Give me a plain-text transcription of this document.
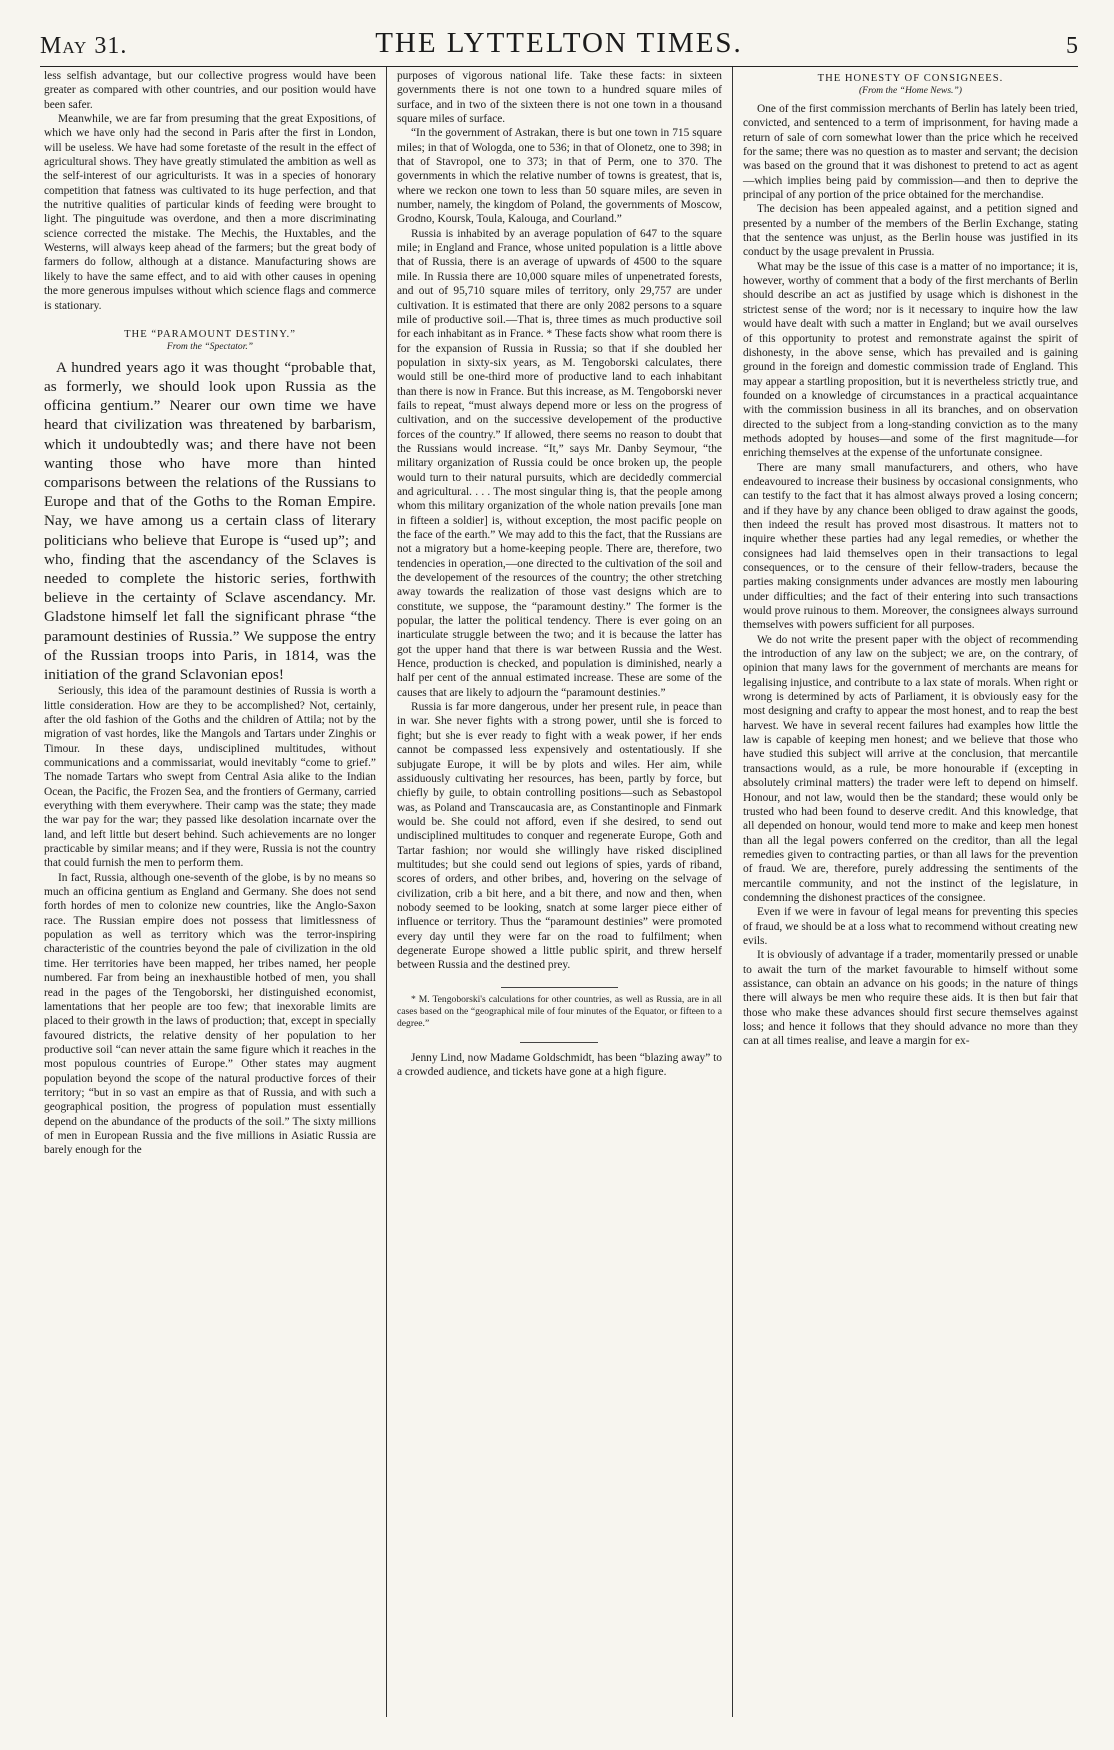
May 31.	THE LYTTELTON TIMES.	5

less selfish advantage, but our collective progress would have been greater as compared with other countries, and our position would have been safer.

Meanwhile, we are far from presuming that the great Expositions, of which we have only had the second in Paris after the first in London, will be useless. We have had some foretaste of the result in the effect of agricultural shows. They have greatly stimulated the ambition as well as the self-interest of our agriculturists. It was in a species of honorary competition that fatness was cultivated to its huge perfection, and that the nutritive qualities of particular kinds of feeding were brought to light. The pinguitude was overdone, and then a more discriminating science corrected the mistake. The Mechis, the Huxtables, and the Westerns, will always keep ahead of the farmers; but the great body of farmers do follow, although at a distance. Manufacturing shows are likely to have the same effect, and to aid with other causes in opening the more generous impulses without which science flags and commerce is stationary.

THE “PARAMOUNT DESTINY.”
From the “Spectator.”

A hundred years ago it was thought “probable that, as formerly, we should look upon Russia as the officina gentium.” Nearer our own time we have heard that civilization was threatened by barbarism, which it undoubtedly was; and there have not been wanting those who have more than hinted comparisons between the relations of the Russians to Europe and that of the Goths to the Roman Empire. Nay, we have among us a certain class of literary politicians who believe that Europe is “used up”; and who, finding that the ascendancy of the Sclaves is needed to complete the historic series, forthwith believe in the certainty of Sclave ascendancy. Mr. Gladstone himself let fall the significant phrase “the paramount destinies of Russia.” We suppose the entry of the Russian troops into Paris, in 1814, was the initiation of the grand Sclavonian epos!

Seriously, this idea of the paramount destinies of Russia is worth a little consideration. How are they to be accomplished? Not, certainly, after the old fashion of the Goths and the children of Attila; not by the migration of vast hordes, like the Mangols and Tartars under Zinghis or Timour. In these days, undisciplined multitudes, without communications and a commissariat, would inevitably “come to grief.” The nomade Tartars who swept from Central Asia alike to the Indian Ocean, the Pacific, the Frozen Sea, and the frontiers of Germany, carried everything with them everywhere. Their camp was the state; they made the war pay for the war; they passed like desolation incarnate over the land, and left little but desert behind. Such achievements are no longer practicable by similar means; and if they were, Russia is not the country that could furnish the men to perform them.

In fact, Russia, although one-seventh of the globe, is by no means so much an officina gentium as England and Germany. She does not send forth hordes of men to colonize new countries, like the Anglo-Saxon race. The Russian empire does not possess that limitlessness of population as well as territory which was the terror-inspiring characteristic of the countries beyond the pale of civilization in the old time. Her territories have been mapped, her tribes named, her people numbered. Far from being an inexhaustible hotbed of men, you shall read in the pages of the Tengoborski, her distinguished economist, lamentations that her people are too few; that inexorable limits are placed to their growth in the laws of production; that, except in specially favoured districts, the relative density of her population to her productive soil “can never attain the same figure which it reaches in the most populous countries of Europe.” Other states may augment population beyond the scope of the natural productive forces of their territory; “but in so vast an empire as that of Russia, and with such a geographical position, the progress of population must essentially depend on the abundance of the products of the soil.” The sixty millions of men in European Russia and the five millions in Asiatic Russia are barely enough for the

purposes of vigorous national life. Take these facts: in sixteen governments there is not one town to a hundred square miles of surface, and in two of the sixteen there is not one town in a thousand square miles of surface.

“In the government of Astrakan, there is but one town in 715 square miles; in that of Wologda, one to 536; in that of Olonetz, one to 398; in that of Stavropol, one to 373; in that of Perm, one to 370. The governments in which the relative number of towns is greatest, that is, where we reckon one town to less than 50 square miles, are seven in number, namely, the kingdom of Poland, the governments of Moscow, Grodno, Koursk, Toula, Kalouga, and Courland.”

Russia is inhabited by an average population of 647 to the square mile; in England and France, whose united population is a little above that of Russia, there is an average of upwards of 4500 to the square mile. In Russia there are 10,000 square miles of unpenetrated forests, and out of 95,710 square miles of territory, only 29,757 are under cultivation. It is estimated that there are only 2082 persons to a square mile of productive soil.—That is, three times as much productive soil for each inhabitant as in France. * These facts show what room there is for the expansion of Russia in Russia; so that if she doubled her population in sixty-six years, as M. Tengoborski calculates, there would still be one-third more of productive land to each inhabitant than there is now in France. But this increase, as M. Tengoborski never fails to repeat, “must always depend more or less on the progress of cultivation, and on the successive developement of the productive forces of the country.” If allowed, there seems no reason to doubt that the Russians would increase. “It,” says Mr. Danby Seymour, “the military organization of Russia could be once broken up, the people would turn to their natural pursuits, which are decidedly commercial and agricultural. . . . The most singular thing is, that the people among whom this military organization of the whole nation prevails [one man in fifteen a soldier] is, without exception, the most pacific people on the face of the earth.” We may add to this the fact, that the Russians are not a migratory but a home-keeping people. There are, therefore, two tendencies in operation,—one directed to the cultivation of the soil and the developement of the resources of the country; the other stretching away towards the realization of those vast designs which are to constitute, we suppose, the “paramount destiny.” The former is the popular, the latter the political tendency. There is ever going on an inarticulate struggle between the two; and it is because the latter has got the upper hand that there is war between Russia and the West. Hence, production is checked, and population is diminished, nearly a half per cent of the annual estimated increase. These are some of the causes that are likely to adjourn the “paramount destinies.”

Russia is far more dangerous, under her present rule, in peace than in war. She never fights with a strong power, until she is forced to fight; but she is ever ready to fight with a weak power, if her ends cannot be compassed less expensively and ostentatiously. If she subjugate Europe, it will be by plots and wiles. Her aim, while assiduously cultivating her resources, has been, partly by force, but chiefly by guile, to obtain controlling positions—such as Sebastopol was, as Poland and Transcaucasia are, as Constantinople and Finmark would be. She could not afford, even if she desired, to send out undisciplined multitudes to conquer and regenerate Europe, Goth and Tartar fashion; nor would she willingly have risked disciplined multitudes; but she could send out legions of spies, yards of riband, scores of orders, and other bribes, and, hovering on the selvage of civilization, crib a bit here, and a bit there, and now and then, when nobody seemed to be looking, snatch at some larger piece either of influence or territory. Thus the “paramount destinies” were promoted every day until they were far on the road to fulfilment; when degenerate Europe showed a little public spirit, and threw herself between Russia and the destined prey.

* M. Tengoborski's calculations for other countries, as well as Russia, are in all cases based on the “geographical mile of four minutes of the Equator, or fifteen to a degree.”

Jenny Lind, now Madame Goldschmidt, has been “blazing away” to a crowded audience, and tickets have gone at a high figure.

THE HONESTY OF CONSIGNEES.
(From the “Home News.”)

One of the first commission merchants of Berlin has lately been tried, convicted, and sentenced to a term of imprisonment, for having made a return of sale of corn somewhat lower than the price which he received for the same; there was no question as to master and servant; the decision was based on the ground that it was dishonest to pretend to act as agent—which implies being paid by commission—and then to deprive the principal of any portion of the price obtained for the merchandise.

The decision has been appealed against, and a petition signed and presented by a number of the members of the Berlin Exchange, stating that the sentence was unjust, as the Berlin house was justified in its conduct by the usage prevalent in Prussia.

What may be the issue of this case is a matter of no importance; it is, however, worthy of comment that a body of the first merchants of Berlin should describe an act as justified by usage which is dishonest in the strictest sense of the word; nor is it necessary to inquire how the law would have dealt with such a matter in England; but we avail ourselves of this opportunity to protest and remonstrate against the spirit of dishonesty, in the above sense, which has prevailed and is gaining ground in the foreign and domestic commission trade of England. This may appear a startling proposition, but it is nevertheless strictly true, and founded on a knowledge of circumstances in a practical acquaintance with the commission business in all its branches, and on observation directed to the subject from a long-standing conviction as to the many methods adopted by houses—and some of the first magnitude—for enriching themselves at the expense of the unfortunate consignee.

There are many small manufacturers, and others, who have endeavoured to increase their business by occasional consignments, who can testify to the fact that it has almost always proved a losing concern; and if they have by any chance been obliged to draw against the goods, then indeed the result has proved most disastrous. It matters not to inquire whether these parties had any legal remedies, or whether the consignees had laid themselves open in their transactions to legal consequences, or to the censure of their fellow-traders, because the parties making consignments under advances are mostly men labouring under difficulties; and the fact of their entering into such transactions would prove ruinous to them. Moreover, the consignees always surround themselves with powers sufficient for all purposes.

We do not write the present paper with the object of recommending the introduction of any law on the subject; we are, on the contrary, of opinion that many laws for the government of merchants are means for legalising injustice, and contribute to a lax state of morals. When right or wrong is determined by acts of Parliament, it is obviously easy for the most designing and crafty to appear the most honest, and to reap the best harvest. We have in several recent failures had examples how little the law is capable of keeping men honest; and we believe that those who have studied this subject will arrive at the conclusion, that mercantile transactions would, as a rule, be more honourable if (excepting in absolutely criminal matters) the trader were left to depend on himself. Honour, and not law, would then be the standard; these would only be trusted who had been found to deserve credit. And this knowledge, that all depended on honour, would tend more to make and keep men honest than all the legal powers conferred on the creditor, than all the legal remedies given to contracting parties, or than all laws for the prevention of fraud. We are, therefore, purely addressing the sentiments of the mercantile community, and not the instinct of the legislature, in condemning the dishonest practices of the consignee.

Even if we were in favour of legal means for preventing this species of fraud, we should be at a loss what to recommend without creating new evils.

It is obviously of advantage if a trader, momentarily pressed or unable to await the turn of the market favourable to himself without some assistance, can obtain an advance on his goods; in the nature of things there will always be men who require these aids. It is then but fair that those who make these advances should first secure themselves against loss; and hence it follows that they should advance no more than they can at all times realise, and leave a margin for ex-
